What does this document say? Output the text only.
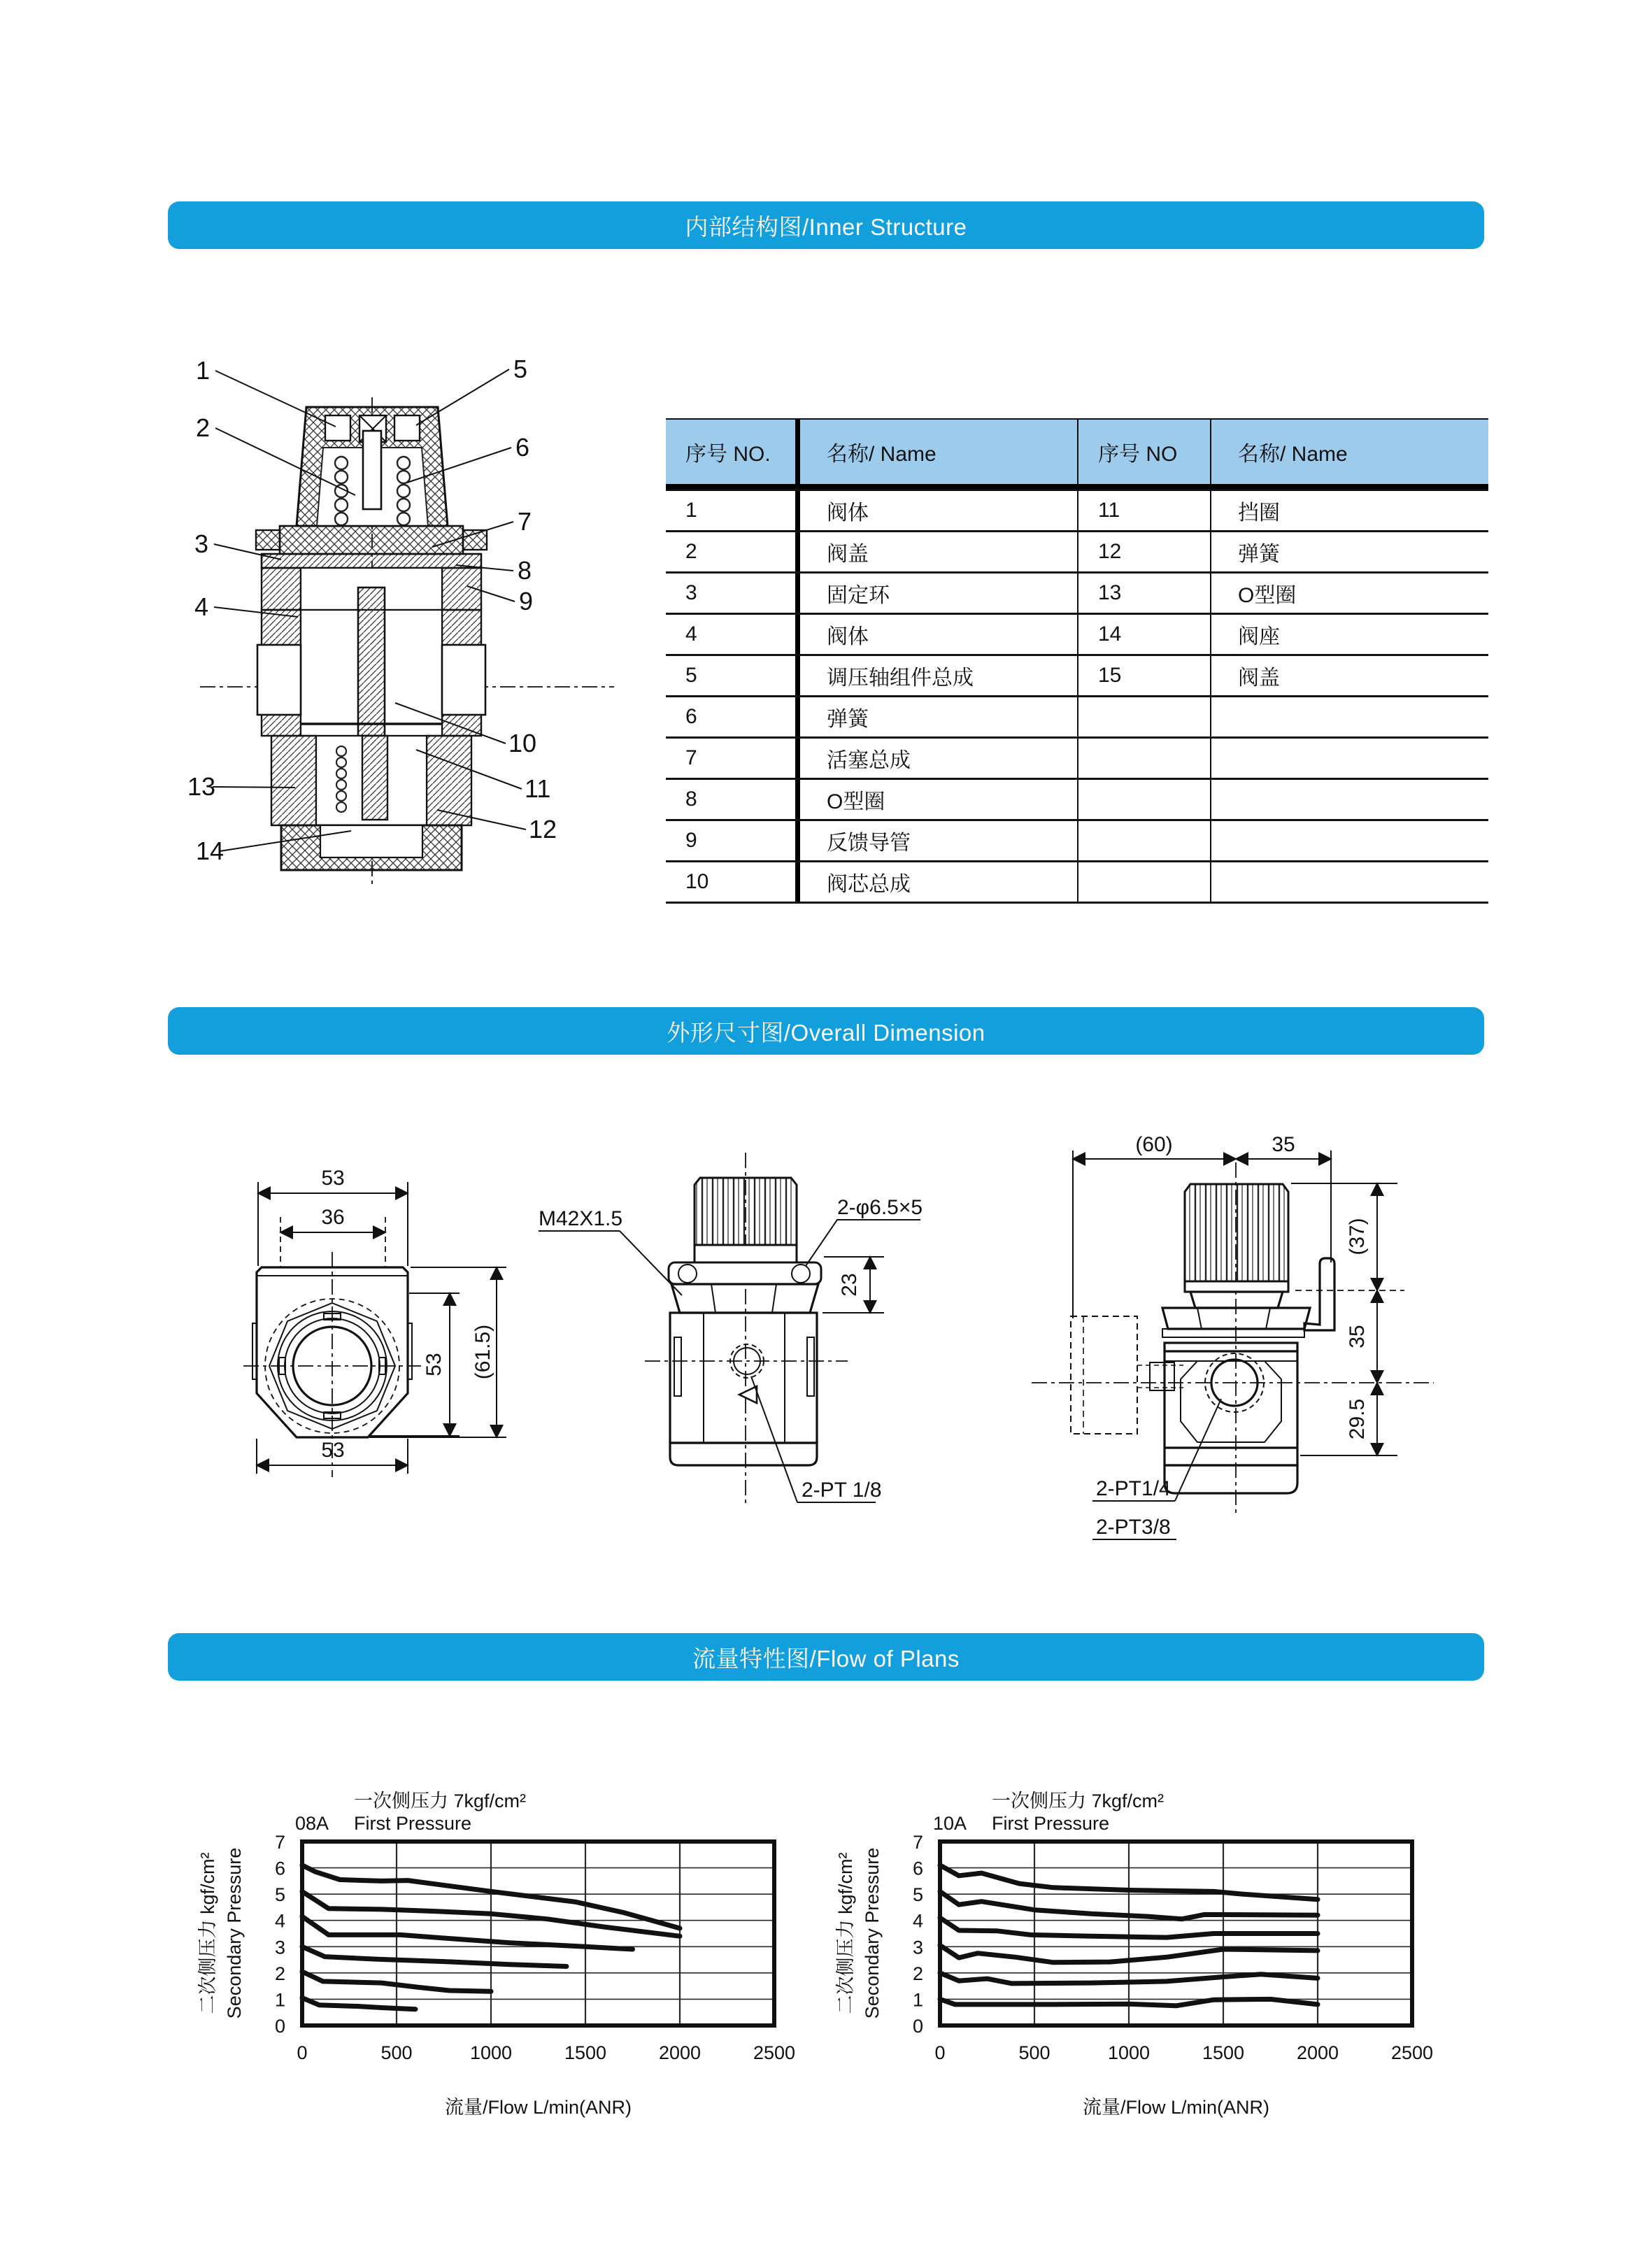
内部结构图/Inner Structure
1
2
3
4
5
6
7
8
9
10
11
12
13
14
序号 NO.	名称/ Name	序号 NO	名称/ Name
1	阀体	11	挡圈
2	阀盖	12	弹簧
3	固定环	13	O型圈
4	阀体	14	阀座
5	调压轴组件总成	15	阀盖
6	弹簧
7	活塞总成
8	O型圈
9	反馈导管
10	阀芯总成
外形尺寸图/Overall Dimension
53
36
53 (61.5)
53
M42X1.5	2-φ6.5×5
23
2-PT 1/8
(60)	35
(37)
35
29.5
2-PT1/4
2-PT3/8
流量特性图/Flow of Plans
0
1
2
3
4
5
6
7
0	500	1000	1500	2000	2500
一次侧压力 7kgf/cm²
08A First Pressure
二次侧压力 kgf/cm² Secondary Pressure
流量/Flow L/min(ANR)
0
1
2
3
4
5
6
7
0	500	1000	1500	2000	2500
一次侧压力 7kgf/cm²
10A First Pressure
二次侧压力 kgf/cm² Secondary Pressure
流量/Flow L/min(ANR)
